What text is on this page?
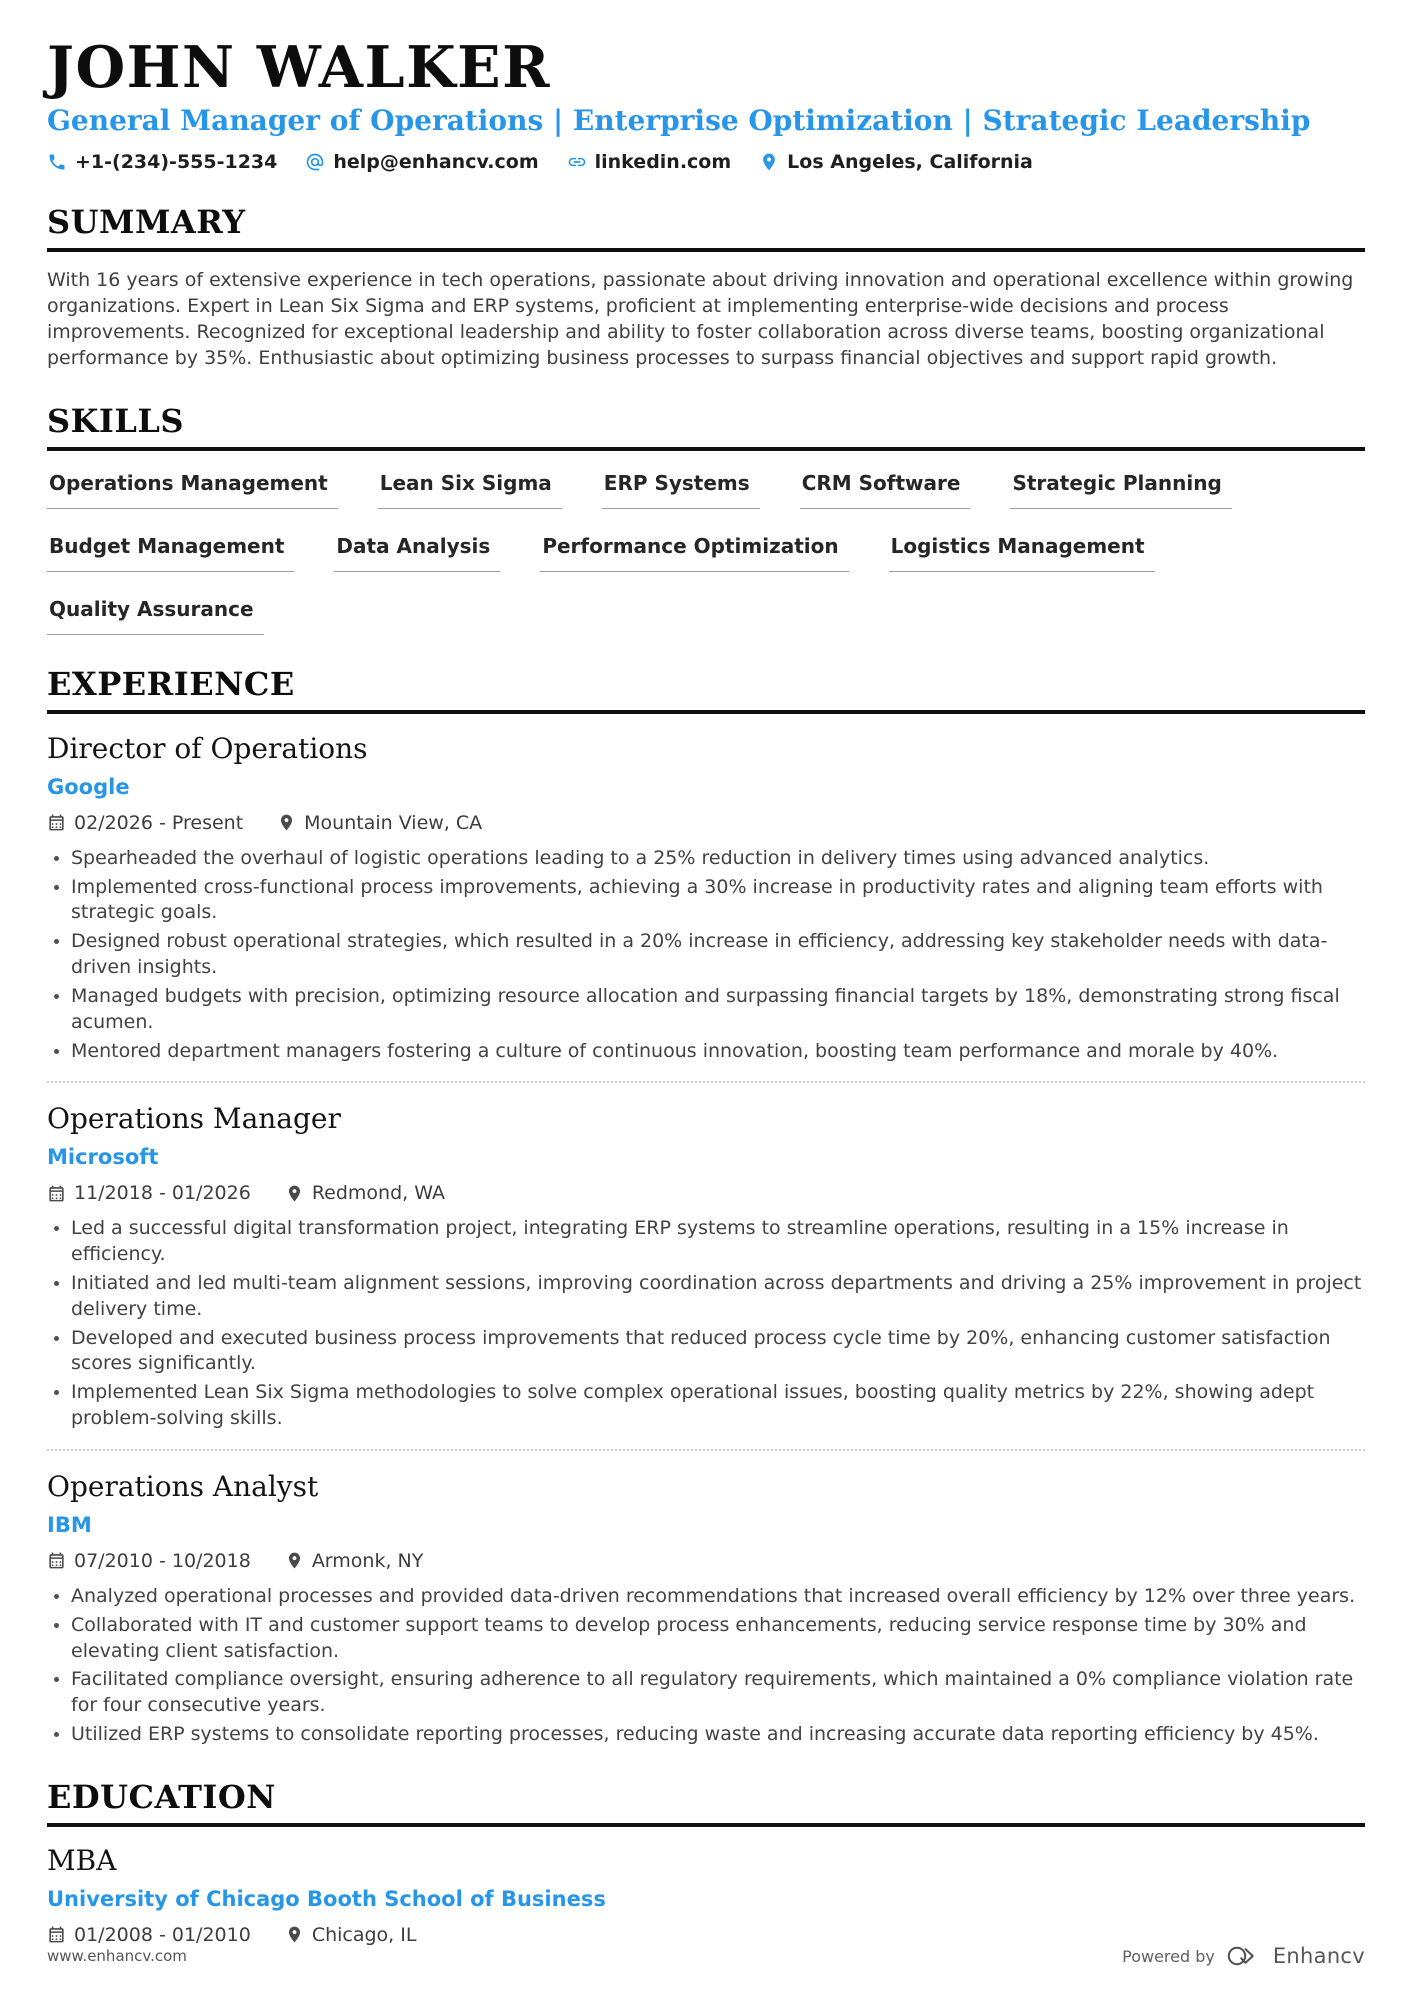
JOHN WALKER
General Manager of Operations | Enterprise Optimization | Strategic Leadership
+1-(234)-555-1234	help@enhancv.com	linkedin.com	Los Angeles, California
SUMMARY

With 16 years of extensive experience in tech operations, passionate about driving innovation and operational excellence within growing organizations. Expert in Lean Six Sigma and ERP systems, proficient at implementing enterprise-wide decisions and process improvements. Recognized for exceptional leadership and ability to foster collaboration across diverse teams, boosting organizational performance by 35%. Enthusiastic about optimizing business processes to surpass financial objectives and support rapid growth.

SKILLS
Operations Management	Lean Six Sigma	ERP Systems	CRM Software	Strategic Planning
Budget Management	Data Analysis	Performance Optimization	Logistics Management
Quality Assurance
EXPERIENCE
Director of Operations
Google
02/2026 - Present	Mountain View, CA
Spearheaded the overhaul of logistic operations leading to a 25% reduction in delivery times using advanced analytics.
Implemented cross-functional process improvements, achieving a 30% increase in productivity rates and aligning team efforts with strategic goals.
Designed robust operational strategies, which resulted in a 20% increase in efficiency, addressing key stakeholder needs with data-driven insights.
Managed budgets with precision, optimizing resource allocation and surpassing financial targets by 18%, demonstrating strong fiscal acumen.
Mentored department managers fostering a culture of continuous innovation, boosting team performance and morale by 40%.
Operations Manager
Microsoft
11/2018 - 01/2026	Redmond, WA
Led a successful digital transformation project, integrating ERP systems to streamline operations, resulting in a 15% increase in efficiency.
Initiated and led multi-team alignment sessions, improving coordination across departments and driving a 25% improvement in project delivery time.
Developed and executed business process improvements that reduced process cycle time by 20%, enhancing customer satisfaction scores significantly.
Implemented Lean Six Sigma methodologies to solve complex operational issues, boosting quality metrics by 22%, showing adept problem-solving skills.
Operations Analyst
IBM
07/2010 - 10/2018	Armonk, NY
Analyzed operational processes and provided data-driven recommendations that increased overall efficiency by 12% over three years.
Collaborated with IT and customer support teams to develop process enhancements, reducing service response time by 30% and elevating client satisfaction.
Facilitated compliance oversight, ensuring adherence to all regulatory requirements, which maintained a 0% compliance violation rate for four consecutive years.
Utilized ERP systems to consolidate reporting processes, reducing waste and increasing accurate data reporting efficiency by 45%.
EDUCATION
MBA
University of Chicago Booth School of Business
01/2008 - 01/2010	Chicago, IL
www.enhancv.com	Powered by	Enhancv
